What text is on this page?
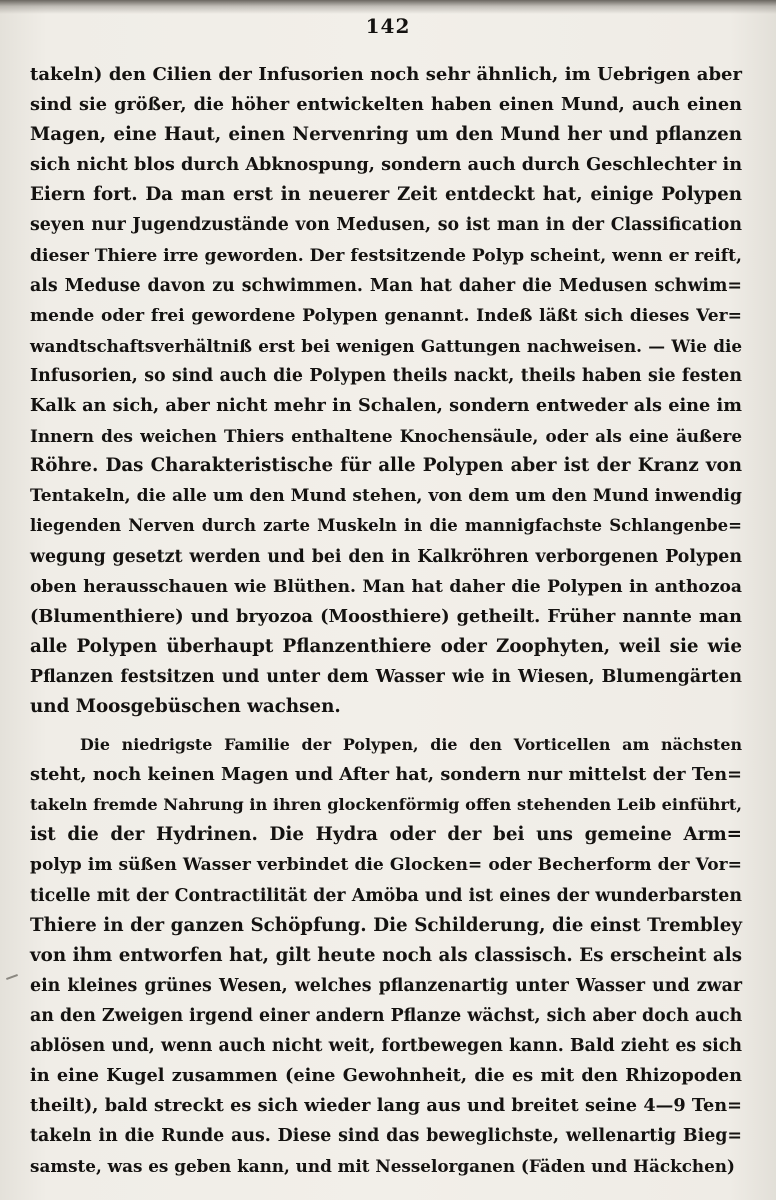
142
takeln) den Cilien der Infusorien noch sehr ähnlich, im Uebrigen aber
sind sie größer, die höher entwickelten haben einen Mund, auch einen
Magen, eine Haut, einen Nervenring um den Mund her und pflanzen
sich nicht blos durch Abknospung, sondern auch durch Geschlechter in
Eiern fort. Da man erst in neuerer Zeit entdeckt hat, einige Polypen
seyen nur Jugendzustände von Medusen, so ist man in der Classification
dieser Thiere irre geworden. Der festsitzende Polyp scheint, wenn er reift,
als Meduse davon zu schwimmen. Man hat daher die Medusen schwim=
mende oder frei gewordene Polypen genannt. Indeß läßt sich dieses Ver=
wandtschaftsverhältniß erst bei wenigen Gattungen nachweisen. — Wie die
Infusorien, so sind auch die Polypen theils nackt, theils haben sie festen
Kalk an sich, aber nicht mehr in Schalen, sondern entweder als eine im
Innern des weichen Thiers enthaltene Knochensäule, oder als eine äußere
Röhre. Das Charakteristische für alle Polypen aber ist der Kranz von
Tentakeln, die alle um den Mund stehen, von dem um den Mund inwendig
liegenden Nerven durch zarte Muskeln in die mannigfachste Schlangenbe=
wegung gesetzt werden und bei den in Kalkröhren verborgenen Polypen
oben herausschauen wie Blüthen. Man hat daher die Polypen in anthozoa
(Blumenthiere) und bryozoa (Moosthiere) getheilt. Früher nannte man
alle Polypen überhaupt Pflanzenthiere oder Zoophyten, weil sie wie
Pflanzen festsitzen und unter dem Wasser wie in Wiesen, Blumengärten
und Moosgebüschen wachsen.
Die niedrigste Familie der Polypen, die den Vorticellen am nächsten
steht, noch keinen Magen und After hat, sondern nur mittelst der Ten=
takeln fremde Nahrung in ihren glockenförmig offen stehenden Leib einführt,
ist die der Hydrinen. Die Hydra oder der bei uns gemeine Arm=
polyp im süßen Wasser verbindet die Glocken= oder Becherform der Vor=
ticelle mit der Contractilität der Amöba und ist eines der wunderbarsten
Thiere in der ganzen Schöpfung. Die Schilderung, die einst Trembley
von ihm entworfen hat, gilt heute noch als classisch. Es erscheint als
ein kleines grünes Wesen, welches pflanzenartig unter Wasser und zwar
an den Zweigen irgend einer andern Pflanze wächst, sich aber doch auch
ablösen und, wenn auch nicht weit, fortbewegen kann. Bald zieht es sich
in eine Kugel zusammen (eine Gewohnheit, die es mit den Rhizopoden
theilt), bald streckt es sich wieder lang aus und breitet seine 4—9 Ten=
takeln in die Runde aus. Diese sind das beweglichste, wellenartig Bieg=
samste, was es geben kann, und mit Nesselorganen (Fäden und Häckchen)
